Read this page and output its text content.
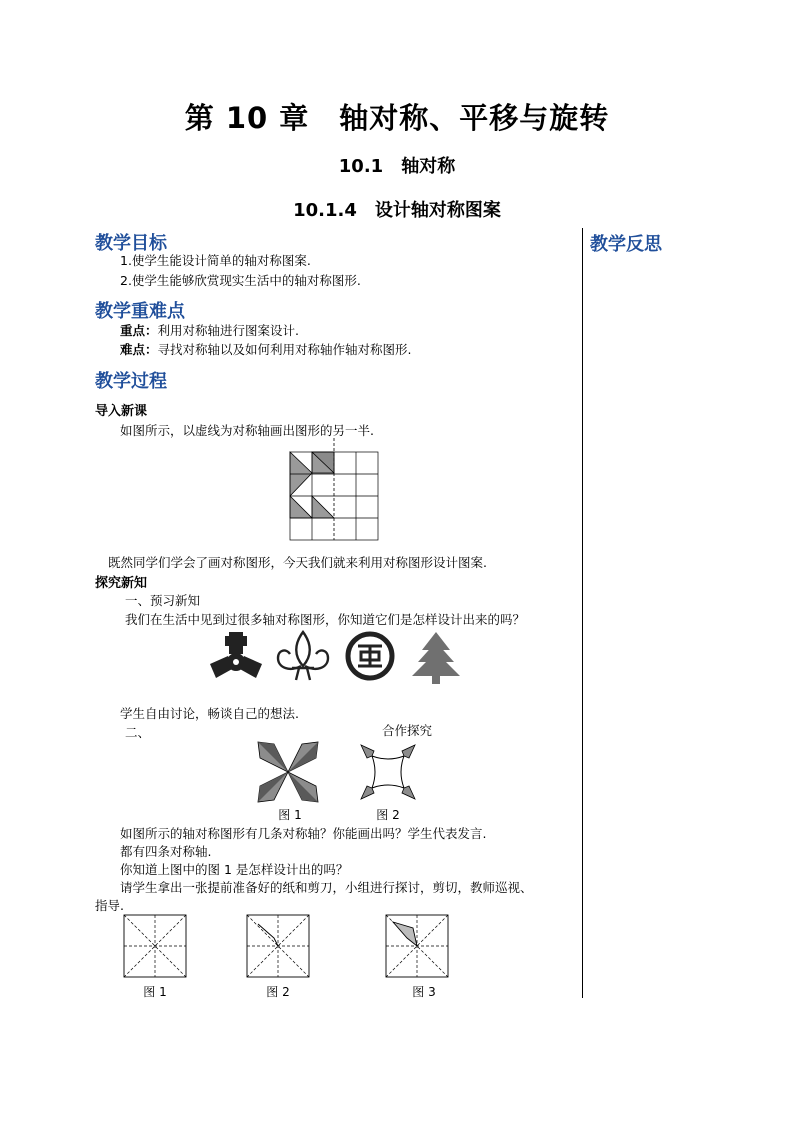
第 10 章　轴对称、平移与旋转
10.1　轴对称
10.1.4　设计轴对称图案
教学反思
教学目标
1.使学生能设计简单的轴对称图案.
2.使学生能够欣赏现实生活中的轴对称图形.
教学重难点
重点：利用对称轴进行图案设计.
难点：寻找对称轴以及如何利用对称轴作轴对称图形.
教学过程
导入新课
如图所示，以虚线为对称轴画出图形的另一半.
既然同学们学会了画对称图形，今天我们就来利用对称图形设计图案.
探究新知
一、预习新知
我们在生活中见到过很多轴对称图形，你知道它们是怎样设计出来的吗？
学生自由讨论，畅谈自己的想法.
二、	合作探究
图 1	图 2
如图所示的轴对称图形有几条对称轴？你能画出吗？学生代表发言.
都有四条对称轴.
你知道上图中的图 1 是怎样设计出的吗？
请学生拿出一张提前准备好的纸和剪刀，小组进行探讨，剪切，教师巡视、
指导.
图 1	图 2	图 3
